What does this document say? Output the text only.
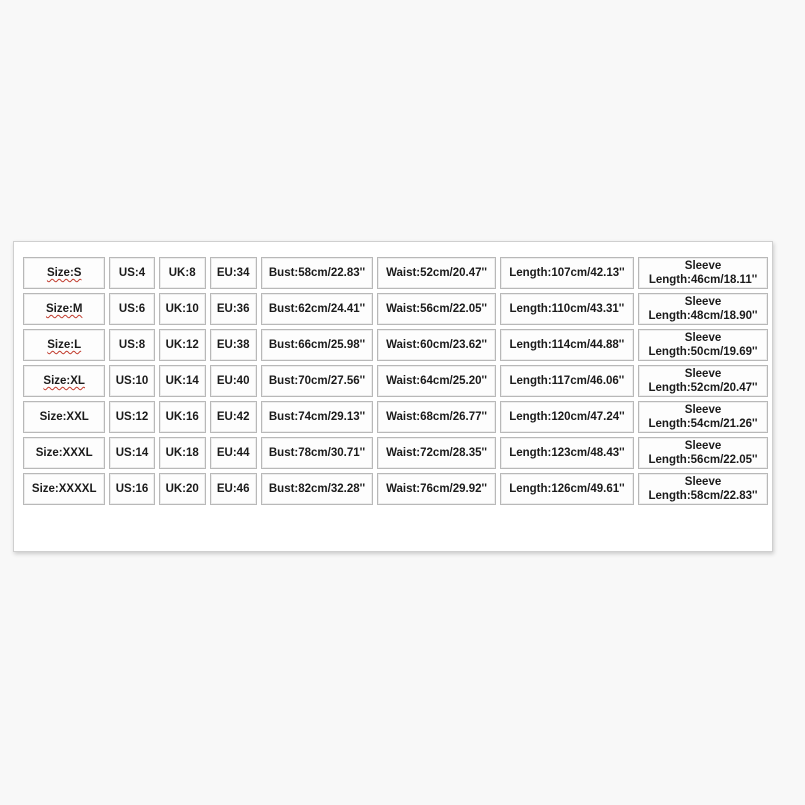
Size:S	US:4	UK:8	EU:34	Bust:58cm/22.83''	Waist:52cm/20.47''	Length:107cm/42.13''	Sleeve
Length:46cm/18.11''

Size:M	US:6	UK:10	EU:36	Bust:62cm/24.41''	Waist:56cm/22.05''	Length:110cm/43.31''	Sleeve
Length:48cm/18.90''

Size:L	US:8	UK:12	EU:38	Bust:66cm/25.98''	Waist:60cm/23.62''	Length:114cm/44.88''	Sleeve
Length:50cm/19.69''

Size:XL	US:10	UK:14	EU:40	Bust:70cm/27.56''	Waist:64cm/25.20''	Length:117cm/46.06''	Sleeve
Length:52cm/20.47''

Size:XXL	US:12	UK:16	EU:42	Bust:74cm/29.13''	Waist:68cm/26.77''	Length:120cm/47.24''	Sleeve
Length:54cm/21.26''

Size:XXXL	US:14	UK:18	EU:44	Bust:78cm/30.71''	Waist:72cm/28.35''	Length:123cm/48.43''	Sleeve
Length:56cm/22.05''

Size:XXXXL	US:16	UK:20	EU:46	Bust:82cm/32.28''	Waist:76cm/29.92''	Length:126cm/49.61''	Sleeve
Length:58cm/22.83''
